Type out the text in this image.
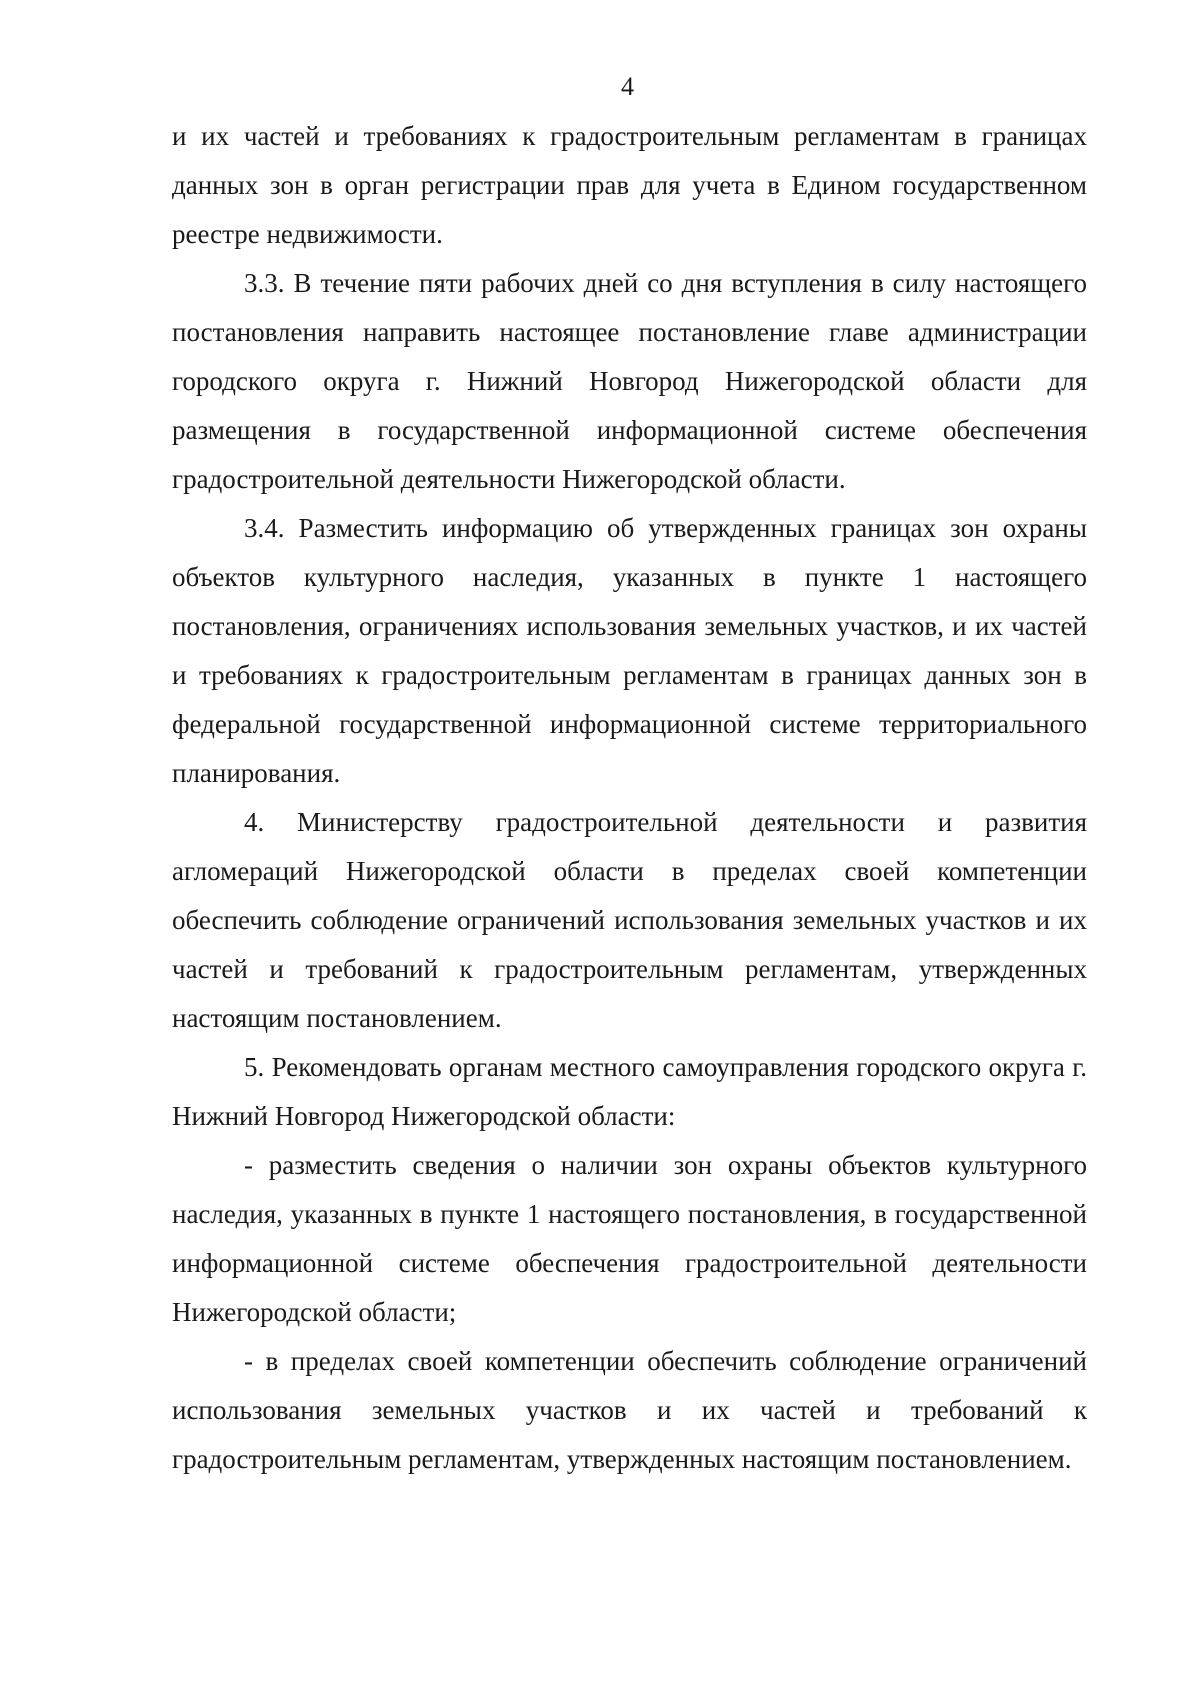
4

и их частей и требованиях к градостроительным регламентам в границах данных зон в орган регистрации прав для учета в Едином государственном реестре недвижимости.

3.3. В течение пяти рабочих дней со дня вступления в силу настоящего постановления направить настоящее постановление главе администрации городского округа г. Нижний Новгород Нижегородской области для размещения в государственной информационной системе обеспечения градостроительной деятельности Нижегородской области.

3.4. Разместить информацию об утвержденных границах зон охраны объектов культурного наследия, указанных в пункте 1 настоящего постановления, ограничениях использования земельных участков, и их частей и требованиях к градостроительным регламентам в границах данных зон в федеральной государственной информационной системе территориального планирования.

4. Министерству градостроительной деятельности и развития агломераций Нижегородской области в пределах своей компетенции обеспечить соблюдение ограничений использования земельных участков и их частей и требований к градостроительным регламентам, утвержденных настоящим постановлением.

5. Рекомендовать органам местного самоуправления городского округа г. Нижний Новгород Нижегородской области:

- разместить сведения о наличии зон охраны объектов культурного наследия, указанных в пункте 1 настоящего постановления, в государственной информационной системе обеспечения градостроительной деятельности Нижегородской области;

- в пределах своей компетенции обеспечить соблюдение ограничений использования земельных участков и их частей и требований к градостроительным регламентам, утвержденных настоящим постановлением.
